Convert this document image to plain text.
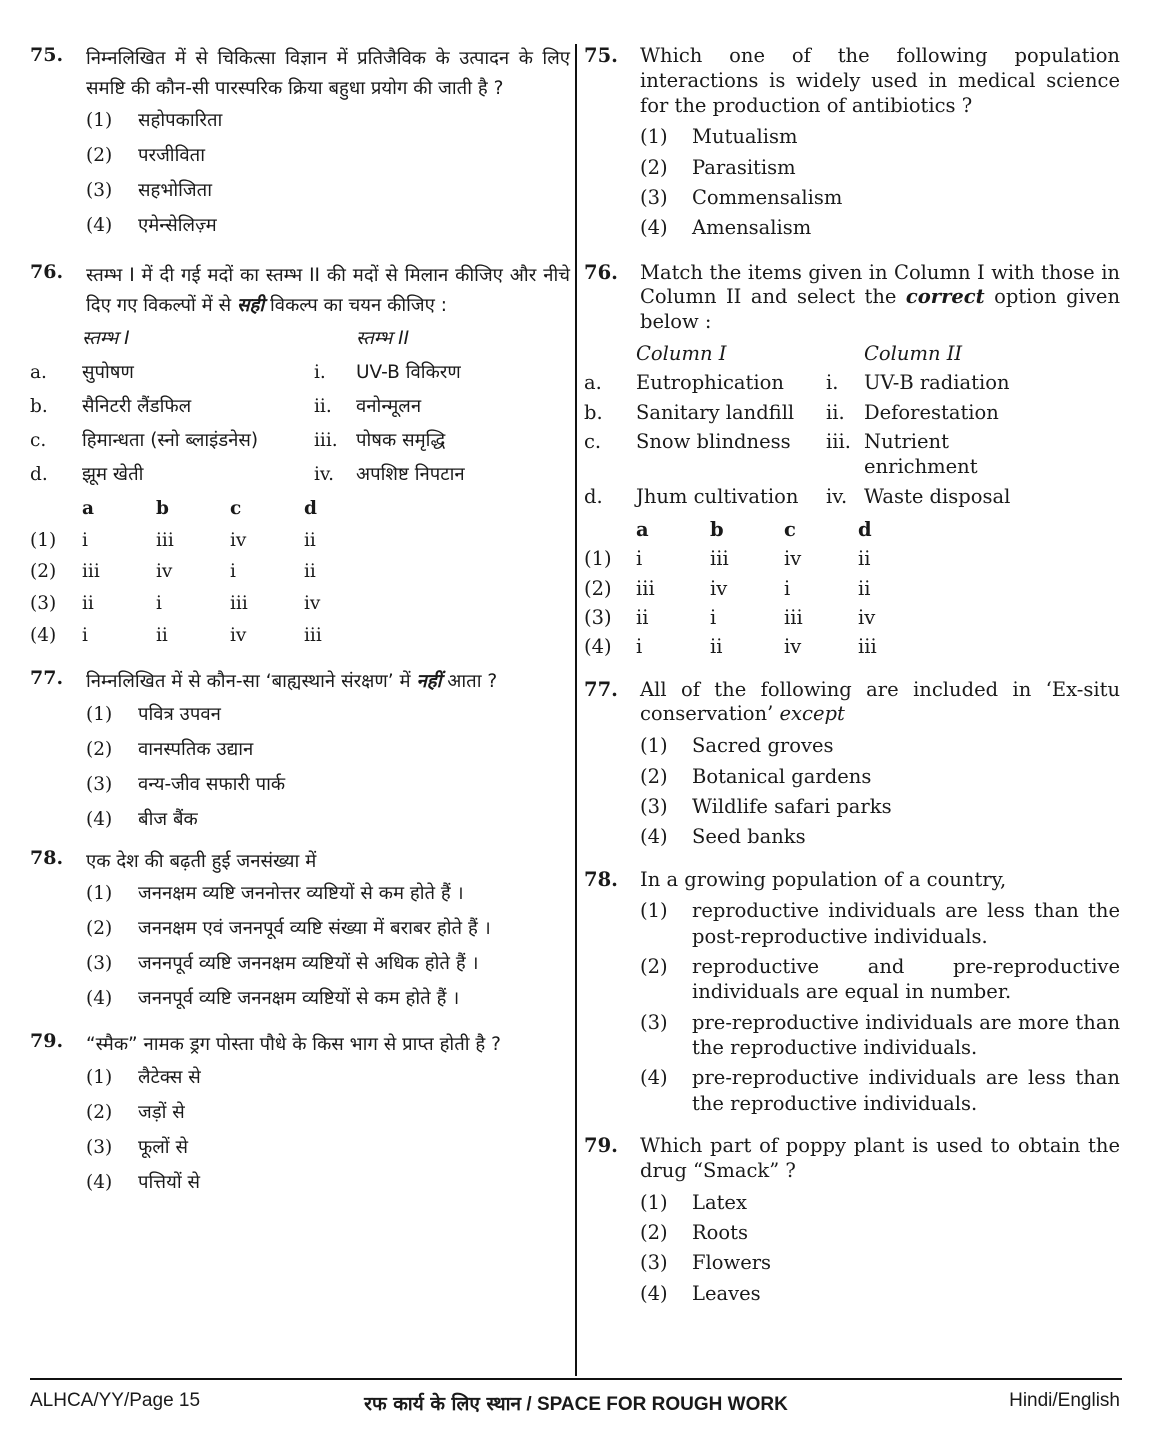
75. निम्नलिखित में से चिकित्सा विज्ञान में प्रतिजैविक के उत्पादन के लिए समष्टि की कौन-सी पारस्परिक क्रिया बहुधा प्रयोग की जाती है ?
(1)	सहोपकारिता
(2)	परजीविता
(3)	सहभोजिता
(4)	एमेन्सेलिज़्म
76. स्तम्भ I में दी गई मदों का स्तम्भ II की मदों से मिलान कीजिए और नीचे दिए गए विकल्पों में से सही विकल्प का चयन कीजिए :
स्तम्भ I	स्तम्भ II
a.	सुपोषण	i.	UV-B विकिरण
b.	सैनिटरी लैंडफिल	ii.	वनोन्मूलन
c.	हिमान्धता (स्नो ब्लाइंडनेस)	iii. पोषक समृद्धि
d.	झूम खेती	iv.	अपशिष्ट निपटान
a	b	c	d
(1)	i	iii	iv	ii
(2)	iii	iv	i	ii
(3)	ii	i	iii	iv
(4)	i	ii	iv	iii
77. निम्नलिखित में से कौन-सा ‘बाह्यस्थाने संरक्षण’ में नहीं आता ?
(1)	पवित्र उपवन
(2)	वानस्पतिक उद्यान
(3)	वन्य-जीव सफारी पार्क
(4)	बीज बैंक
78. एक देश की बढ़ती हुई जनसंख्या में
(1)	जननक्षम व्यष्टि जननोत्तर व्यष्टियों से कम होते हैं ।
(2)	जननक्षम एवं जननपूर्व व्यष्टि संख्या में बराबर होते हैं ।
(3)	जननपूर्व व्यष्टि जननक्षम व्यष्टियों से अधिक होते हैं ।
(4)	जननपूर्व व्यष्टि जननक्षम व्यष्टियों से कम होते हैं ।
79. “स्मैक” नामक ड्रग पोस्ता पौधे के किस भाग से प्राप्त होती है ?
(1)	लैटेक्स से
(2)	जड़ों से
(3)	फूलों से
(4)	पत्तियों से
75. Which one of the following population interactions is widely used in medical science for the production of antibiotics ?
(1)	Mutualism
(2)	Parasitism
(3)	Commensalism
(4)	Amensalism
76. Match the items given in Column I with those in Column II and select the correct option given below :
Column I	Column II
a.	Eutrophication	i.	UV-B radiation
b.	Sanitary landfill	ii. Deforestation
c.	Snow blindness	iii. Nutrient enrichment
d.	Jhum cultivation	iv. Waste disposal
a	b	c	d
(1)	i	iii	iv	ii
(2)	iii	iv	i	ii
(3)	ii	i	iii	iv
(4)	i	ii	iv	iii
77. All of the following are included in ‘Ex-situ conservation’ except
(1)	Sacred groves
(2)	Botanical gardens
(3)	Wildlife safari parks
(4)	Seed banks
78. In a growing population of a country,
(1)	reproductive individuals are less than the post-reproductive individuals.
(2)	reproductive and pre-reproductive individuals are equal in number.
(3)	pre-reproductive individuals are more than the reproductive individuals.
(4)	pre-reproductive individuals are less than the reproductive individuals.
79. Which part of poppy plant is used to obtain the drug “Smack” ?
(1)	Latex
(2)	Roots
(3)	Flowers
(4)	Leaves
ALHCA/YY/Page 15	रफ कार्य के लिए स्थान / SPACE FOR ROUGH WORK	Hindi/English
